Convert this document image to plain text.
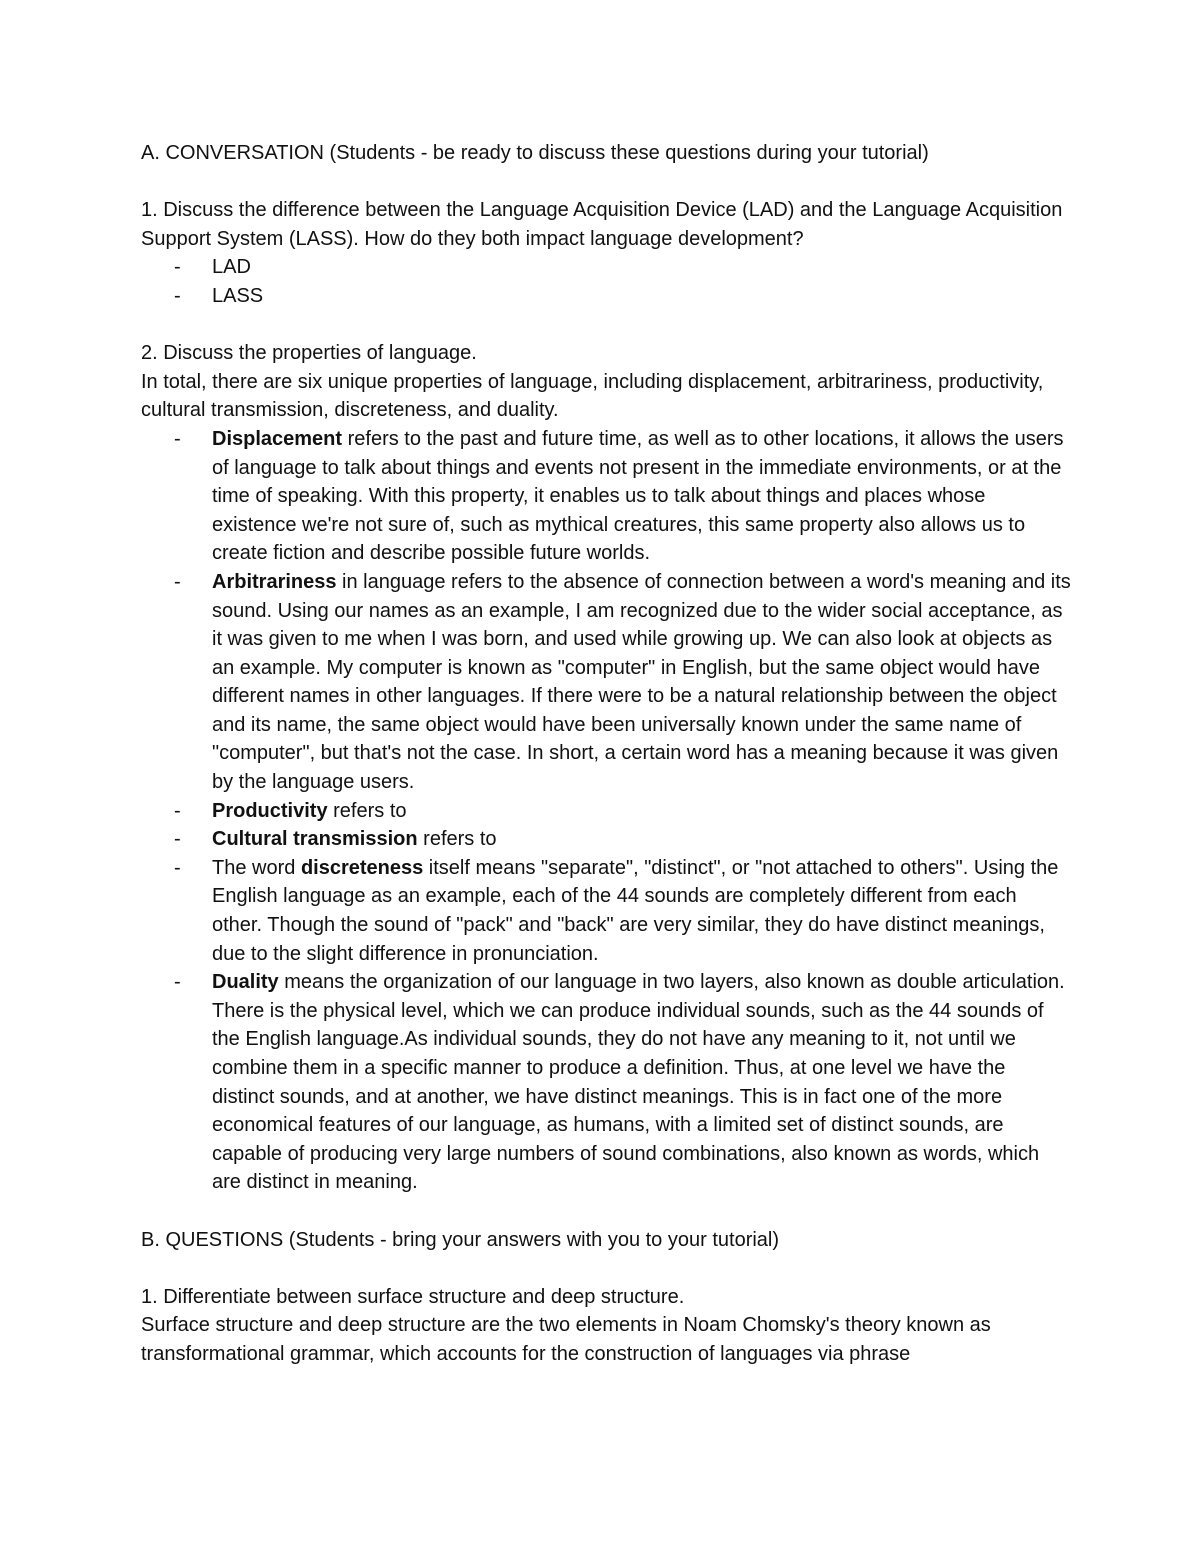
A. CONVERSATION (Students - be ready to discuss these questions during your tutorial)

1. Discuss the difference between the Language Acquisition Device (LAD) and the Language Acquisition Support System (LASS). How do they both impact language development?

- LAD
- LASS

2. Discuss the properties of language.

In total, there are six unique properties of language, including displacement, arbitrariness, productivity, cultural transmission, discreteness, and duality.

- Displacement refers to the past and future time, as well as to other locations, it allows the users of language to talk about things and events not present in the immediate environments, or at the time of speaking. With this property, it enables us to talk about things and places whose existence we're not sure of, such as mythical creatures, this same property also allows us to create fiction and describe possible future worlds.
- Arbitrariness in language refers to the absence of connection between a word's meaning and its sound. Using our names as an example, I am recognized due to the wider social acceptance, as it was given to me when I was born, and used while growing up. We can also look at objects as an example. My computer is known as "computer" in English, but the same object would have different names in other languages. If there were to be a natural relationship between the object and its name, the same object would have been universally known under the same name of "computer", but that's not the case. In short, a certain word has a meaning because it was given by the language users.
- Productivity refers to
- Cultural transmission refers to
- The word discreteness itself means "separate", "distinct", or "not attached to others". Using the English language as an example, each of the 44 sounds are completely different from each other. Though the sound of "pack" and "back" are very similar, they do have distinct meanings, due to the slight difference in pronunciation.
- Duality means the organization of our language in two layers, also known as double articulation. There is the physical level, which we can produce individual sounds, such as the 44 sounds of the English language.As individual sounds, they do not have any meaning to it, not until we combine them in a specific manner to produce a definition. Thus, at one level we have the distinct sounds, and at another, we have distinct meanings. This is in fact one of the more economical features of our language, as humans, with a limited set of distinct sounds, are capable of producing very large numbers of sound combinations, also known as words, which are distinct in meaning.

B. QUESTIONS (Students - bring your answers with you to your tutorial)

1. Differentiate between surface structure and deep structure.

Surface structure and deep structure are the two elements in Noam Chomsky's theory known as transformational grammar, which accounts for the construction of languages via phrase
